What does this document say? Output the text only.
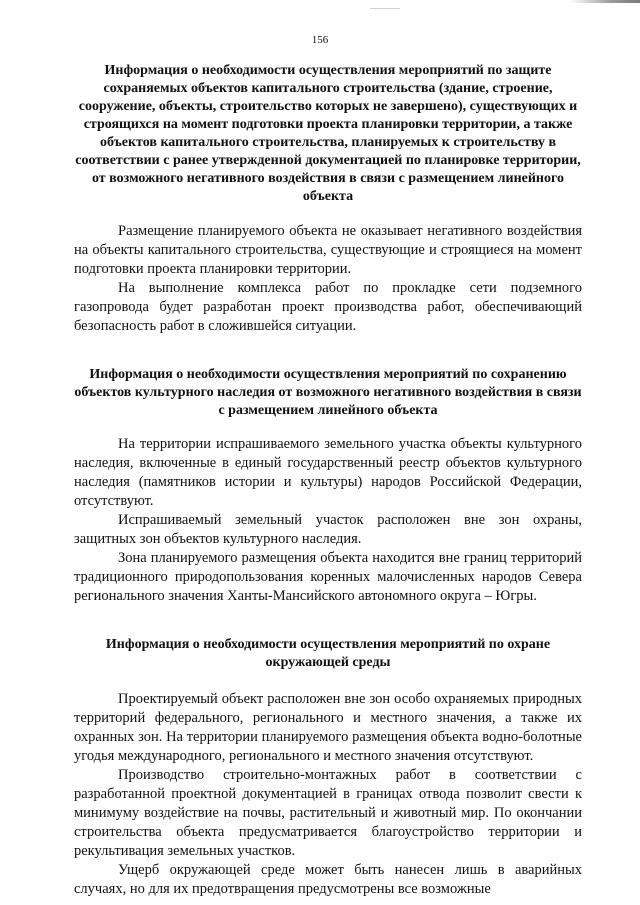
156
Информация о необходимости осуществления мероприятий по защите сохраняемых объектов капитального строительства (здание, строение, сооружение, объекты, строительство которых не завершено), существующих и строящихся на момент подготовки проекта планировки территории, а также объектов капитального строительства, планируемых к строительству в соответствии с ранее утвержденной документацией по планировке территории, от возможного негативного воздействия в связи с размещением линейного объекта

Размещение планируемого объекта не оказывает негативного воздействия на объекты капитального строительства, существующие и строящиеся на момент подготовки проекта планировки территории.

На выполнение комплекса работ по прокладке сети подземного газопровода будет разработан проект производства работ, обеспечивающий безопасность работ в сложившейся ситуации.

Информация о необходимости осуществления мероприятий по сохранению объектов культурного наследия от возможного негативного воздействия в связи с размещением линейного объекта

На территории испрашиваемого земельного участка объекты культурного наследия, включенные в единый государственный реестр объектов культурного наследия (памятников истории и культуры) народов Российской Федерации, отсутствуют.

Испрашиваемый земельный участок расположен вне зон охраны, защитных зон объектов культурного наследия.

Зона планируемого размещения объекта находится вне границ территорий традиционного природопользования коренных малочисленных народов Севера регионального значения Ханты-Мансийского автономного округа – Югры.

Информация о необходимости осуществления мероприятий по охране окружающей среды

Проектируемый объект расположен вне зон особо охраняемых природных территорий федерального, регионального и местного значения, а также их охранных зон. На территории планируемого размещения объекта водно-болотные угодья международного, регионального и местного значения отсутствуют.

Производство строительно-монтажных работ в соответствии с разработанной проектной документацией в границах отвода позволит свести к минимуму воздействие на почвы, растительный и животный мир. По окончании строительства объекта предусматривается благоустройство территории и рекультивация земельных участков.

Ущерб окружающей среде может быть нанесен лишь в аварийных случаях, но для их предотвращения предусмотрены все возможные
